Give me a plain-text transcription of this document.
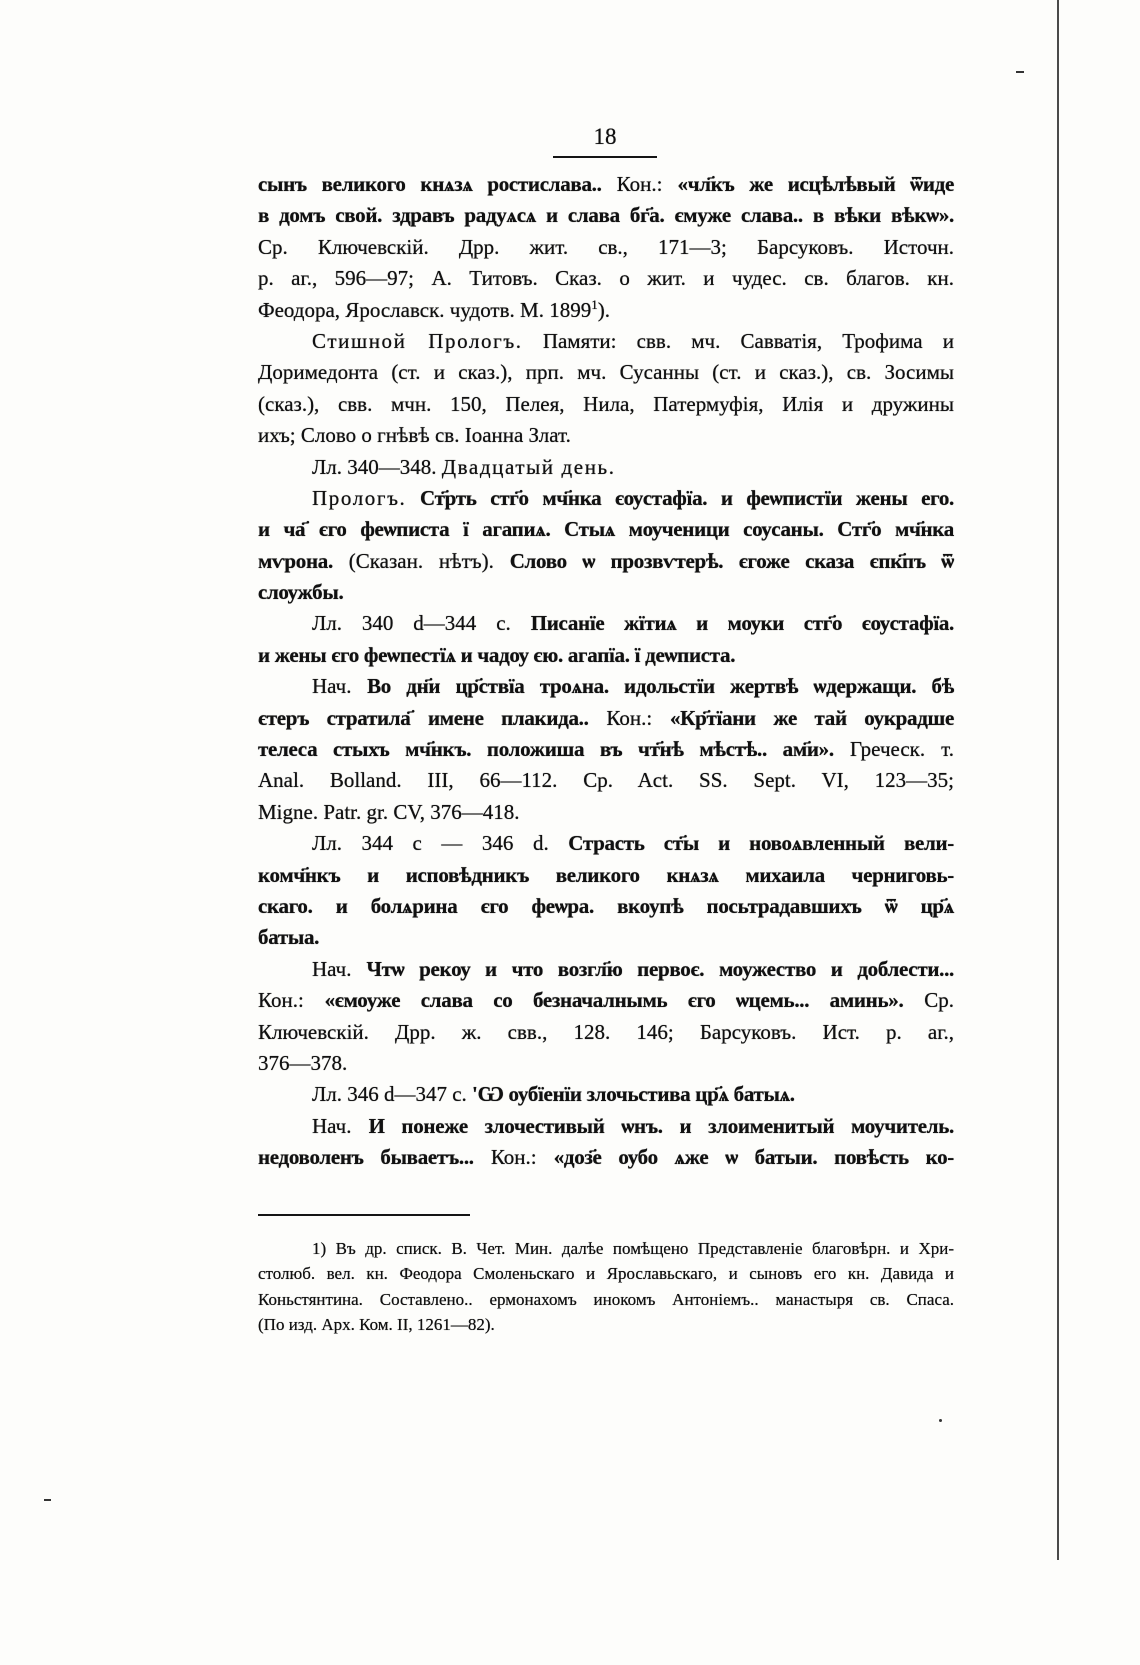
18
сынъ великого кнѧзѧ ростислава.. Кон.: «чл҃къ же исцѣлѣвый ѿиде
в домъ свой. здравъ радуѧсѧ и слава бг҃а. ємуже слава.. в вѣки вѣкѡ».
Ср. Ключевскій. Дрр. жит. св., 171—3; Барсуковъ. Источн.
р. аг., 596—97; А. Титовъ. Сказ. о жит. и чудес. св. благов. кн.
Феодора, Ярославск. чудотв. М. 1899$^1$).
Стишной Прологъ. Памяти: свв. мч. Савватія, Трофима и
Доримедонта (ст. и сказ.), прп. мч. Сусанны (ст. и сказ.), св. Зосимы
(сказ.), свв. мчн. 150, Пелея, Нила, Патермуфія, Илія и дружины
ихъ; Слово о гнѣвѣ св. Іоанна Злат.
Лл. 340—348. Двадцатый день.
Прологъ. Ст҃рть стг҃о мч҃нка єѹстафїа. и феѡпистїи жены его.
и ча҃ єго феѡписта ї агапиѧ. Стыѧ мѹченици сѹсаны. Стг҃о мч҃нка
мѵрона. (Сказан. нѣтъ). Слово ѡ прозвѵтерѣ. єгоже сказа єпк҃пъ ѿ
слѹжбы.
Лл. 340 d—344 c. Писанїе жїтиѧ и мѹки стг҃о єѹстафїа.
и жены єго феѡпестїѧ и чадѹ єю. агапїа. ї деѡписта.
Нач. Во дн҃и цр҃ствїа троѧна. идольстїи жертвѣ ѡдержащи. бѣ
єтеръ стратила҃ имене плакида.. Кон.: «Кр҃тїани же тай оукрадше
телеса стыхъ мч҃нкъ. положиша въ чт҃нѣ мѣстѣ.. ам҃и». Греческ. т.
Anal. Bolland. III, 66—112. Cp. Act. SS. Sept. VI, 123—35;
Migne. Patr. gr. CV, 376—418.
Лл. 344 c — 346 d. Страсть ст҃ы и новоѧвленный вели-
комч҃нкъ и исповѣдникъ великого кнѧзѧ михаила черниговь-
скаго. и болѧрина єго феѡра. вкоупѣ посьтрадавшихъ ѿ цр҃ѧ
батыа.
Нач. Чтѡ рекѹ и что возгл҃ю первоє. моужество и доблести...
Кон.: «ємоуже слава со безначалнымь єго ѡцемь... аминь». Ср.
Ключевскій. Дрр. ж. свв., 128. 146; Барсуковъ. Ист. р. аг.,
376—378.
Лл. 346 d—347 c. 'Ѡ оубїенїи злочьстива цр҃ѧ батыѧ.
Нач. И понеже злочестивый ѡнъ. и злоименитый моучитель.
недоволенъ бываетъ... Кон.: «доз҃е оубо ѧже ѡ батыи. повѣсть ко-
1) Въ др. списк. В. Чет. Мин. далѣе помѣщено Представленіе благовѣрн. и Хри-
столюб. вел. кн. Феодора Смоленьскаго и Ярославьскаго, и сыновъ его кн. Давида и
Коньстянтина. Составлено.. ермонахомъ инокомъ Антоніемъ.. манастыря св. Спаса.
(По изд. Арх. Ком. II, 1261—82).
